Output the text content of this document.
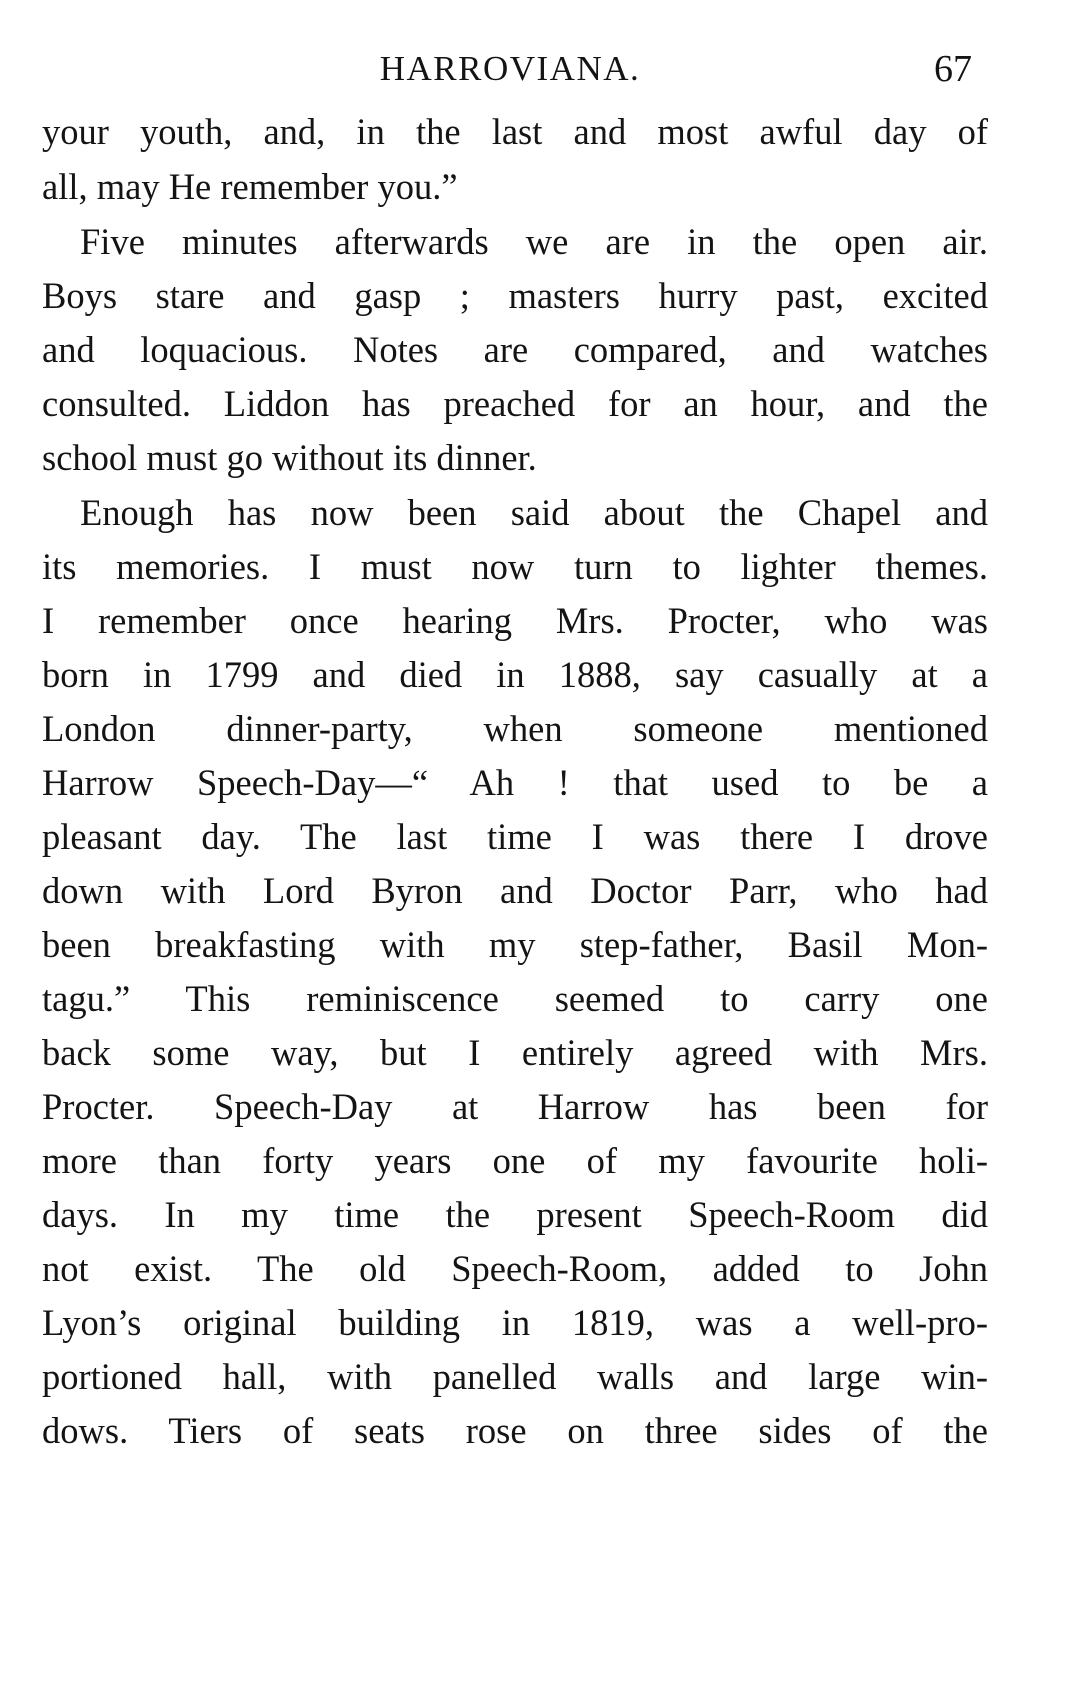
HARROVIANA.	67
your youth, and, in the last and most awful day of
all, may He remember you.”
Five minutes afterwards we are in the open air.
Boys stare and gasp ; masters hurry past, excited
and loquacious. Notes are compared, and watches
consulted. Liddon has preached for an hour, and the
school must go without its dinner.
Enough has now been said about the Chapel and
its memories. I must now turn to lighter themes.
I remember once hearing Mrs. Procter, who was
born in 1799 and died in 1888, say casually at a
London dinner-party, when someone mentioned
Harrow Speech-Day—“ Ah ! that used to be a
pleasant day. The last time I was there I drove
down with Lord Byron and Doctor Parr, who had
been breakfasting with my step-father, Basil Mon-
tagu.” This reminiscence seemed to carry one
back some way, but I entirely agreed with Mrs.
Procter. Speech-Day at Harrow has been for
more than forty years one of my favourite holi-
days. In my time the present Speech-Room did
not exist. The old Speech-Room, added to John
Lyon’s original building in 1819, was a well-pro-
portioned hall, with panelled walls and large win-
dows. Tiers of seats rose on three sides of the
